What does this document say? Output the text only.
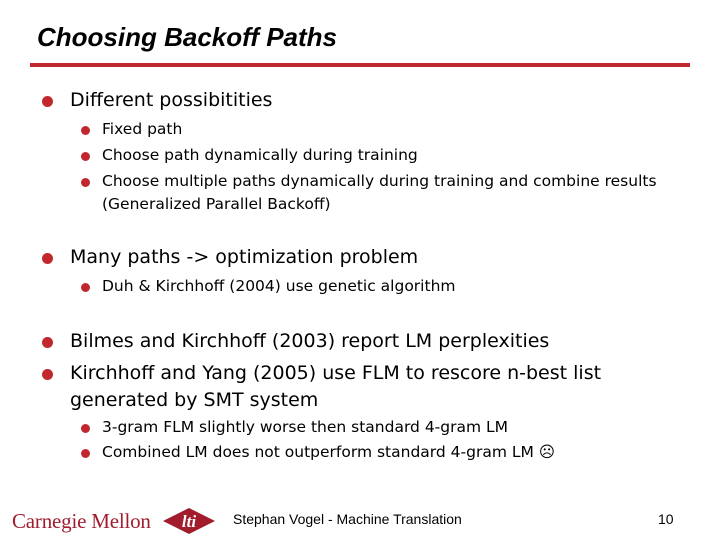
Choosing Backoff Paths
Different possibitities
Fixed path
Choose path dynamically during training
Choose multiple paths dynamically during training and combine results
(Generalized Parallel Backoff)
Many paths -> optimization problem
Duh & Kirchhoff (2004) use genetic algorithm
Bilmes and Kirchhoff (2003) report LM perplexities
Kirchhoff and Yang (2005) use FLM to rescore n-best list
generated by SMT system
3-gram FLM slightly worse then standard 4-gram LM
Combined LM does not outperform standard 4-gram LM ☹
Carnegie Mellon lti	Stephan Vogel - Machine Translation	10
